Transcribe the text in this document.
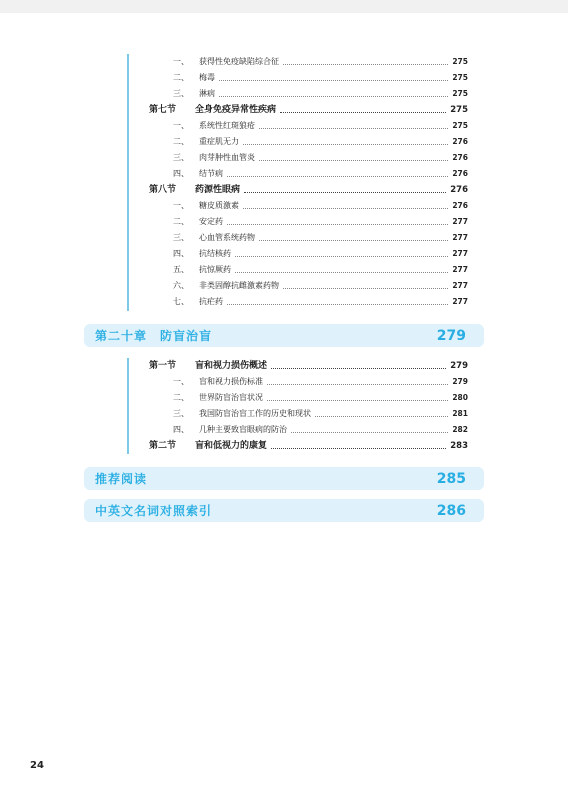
一、	获得性免疫缺陷综合征	275
二、	梅毒	275
三、	淋病	275
第七节	全身免疫异常性疾病	275
一、	系统性红斑狼疮	275
二、	重症肌无力	276
三、	肉芽肿性血管炎	276
四、	结节病	276
第八节	药源性眼病	276
一、	糖皮质激素	276
二、	安定药	277
三、	心血管系统药物	277
四、	抗结核药	277
五、	抗惊厥药	277
六、	非类固醇抗雌激素药物	277
七、	抗疟药	277
第二十章　防盲治盲	279
第一节	盲和视力损伤概述	279
一、	盲和视力损伤标准	279
二、	世界防盲治盲状况	280
三、	我国防盲治盲工作的历史和现状	281
四、	几种主要致盲眼病的防治	282
第二节	盲和低视力的康复	283
推荐阅读	285
中英文名词对照索引	286
24
